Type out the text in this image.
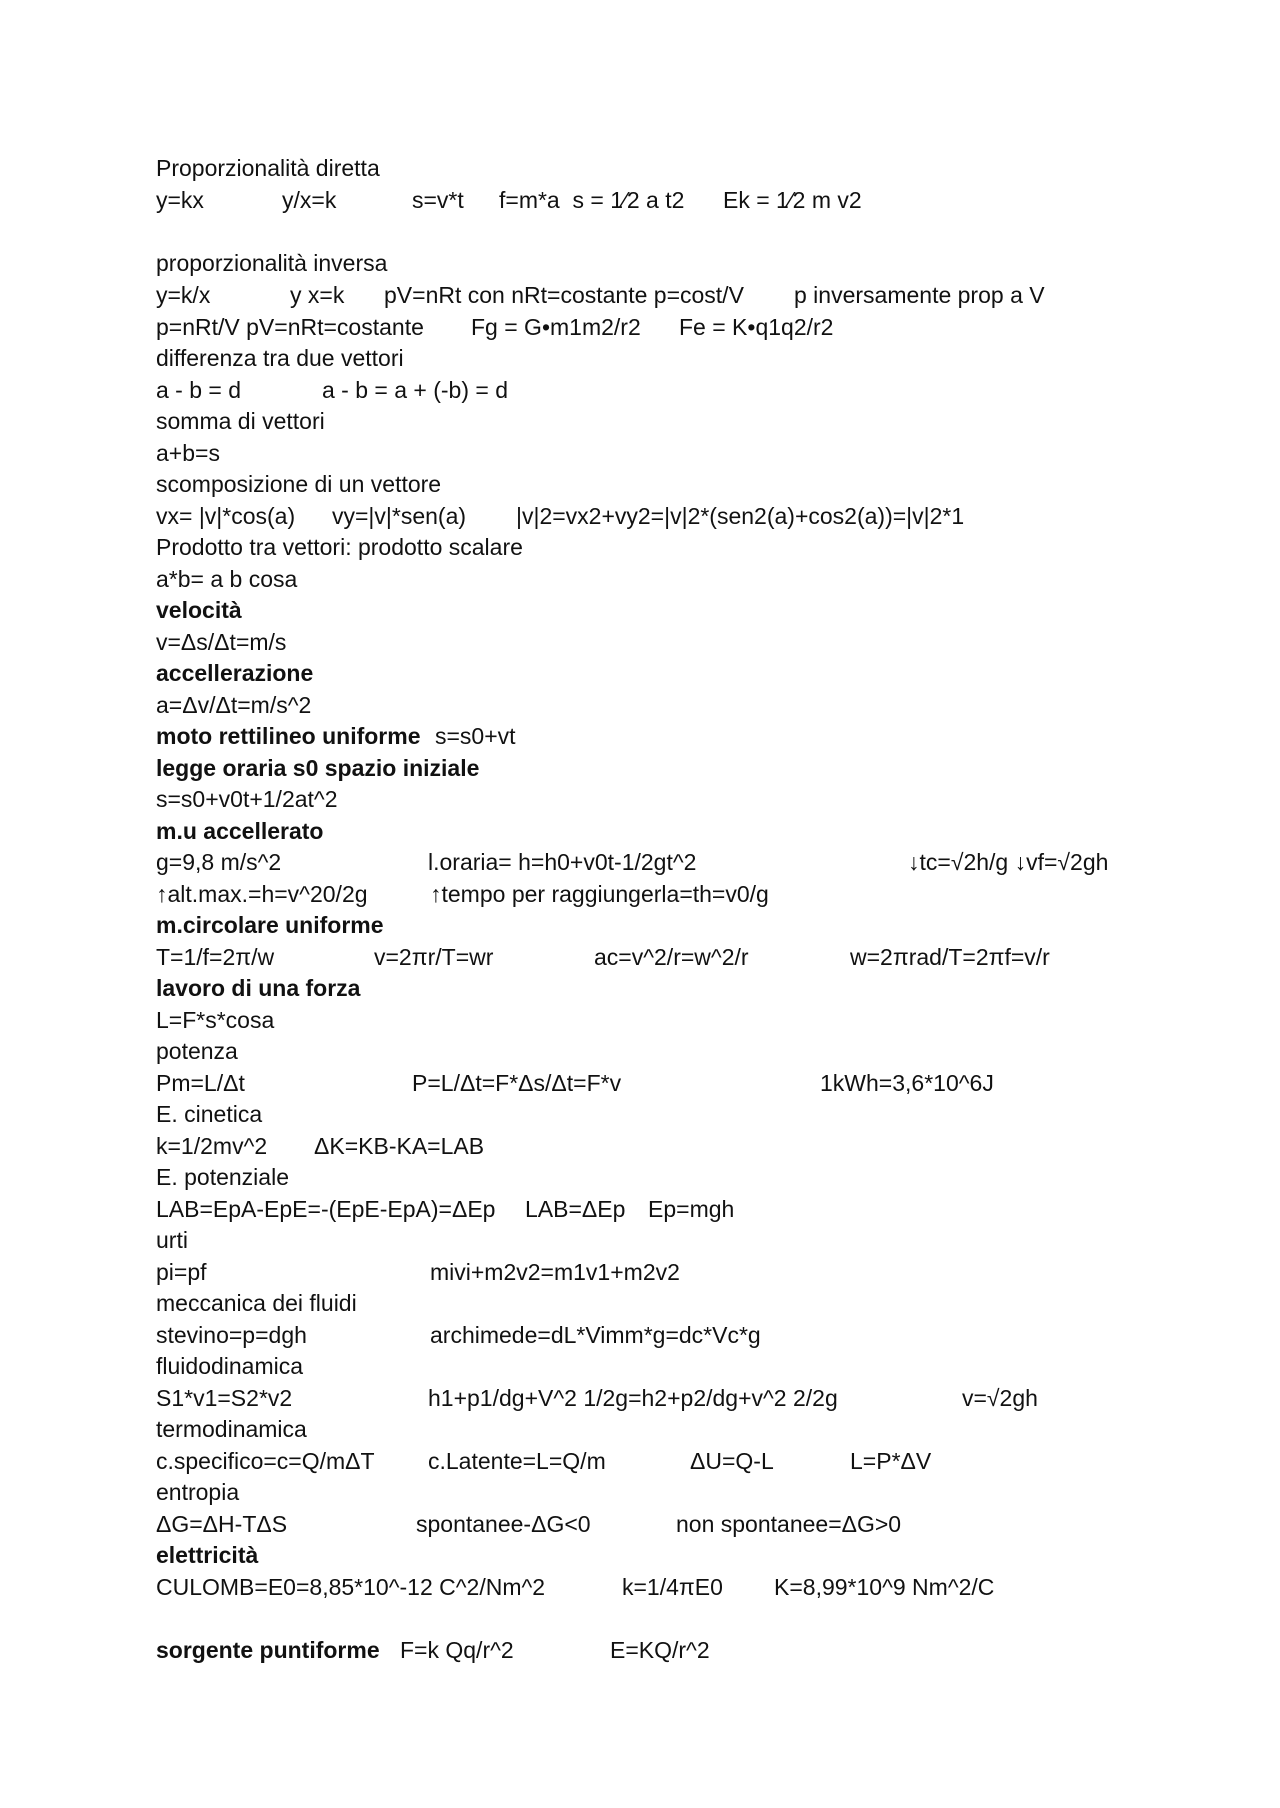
Proporzionalità diretta

y=kx

	y/x=k

	s=v*t

f=m*a  s = 1⁄2 a t2

Ek = 1⁄2 m v2

proporzionalità inversa

y=k/x

	y x=k

pV=nRt con nRt=costante p=cost/V

p inversamente prop a V

p=nRt/V pV=nRt=costante

Fg = G•m1m2/r2

Fe = K•q1q2/r2

differenza tra due vettori

a - b = d

	a - b = a + (-b) = d

somma di vettori

a+b=s

scomposizione di un vettore

vx= |v|*cos(a)

vy=|v|*sen(a)

|v|2=vx2+vy2=|v|2*(sen2(a)+cos2(a))=|v|2*1

Prodotto tra vettori: prodotto scalare

a*b= a b cosa

velocità

v=Δs/Δt=m/s

accellerazione

a=Δv/Δt=m/s^2

moto rettilineo uniforme

s=s0+vt

legge oraria s0 spazio iniziale

s=s0+v0t+1/2at^2

m.u accellerato

g=9,8 m/s^2

	l.oraria= h=h0+v0t-1/2gt^2

	↓tc=√2h/g ↓vf=√2gh

↑alt.max.=h=v^20/2g

	↑tempo per raggiungerla=th=v0/g

m.circolare uniforme

T=1/f=2π/w

	v=2πr/T=wr

	ac=v^2/r=w^2/r

	w=2πrad/T=2πf=v/r

lavoro di una forza

L=F*s*cosa

potenza

Pm=L/Δt

	P=L/Δt=F*Δs/Δt=F*v

	1kWh=3,6*10^6J

E. cinetica

k=1/2mv^2

ΔK=KB-KA=LAB

E. potenziale

LAB=EpA-EpE=-(EpE-EpA)=ΔEp

LAB=ΔEp

Ep=mgh

urti

pi=pf

	mivi+m2v2=m1v1+m2v2

meccanica dei fluidi

stevino=p=dgh

	archimede=dL*Vimm*g=dc*Vc*g

fluidodinamica

S1*v1=S2*v2

	h1+p1/dg+V^2 1/2g=h2+p2/dg+v^2 2/2g

	v=√2gh

termodinamica

c.specifico=c=Q/mΔT

c.Latente=L=Q/m

	ΔU=Q-L

	L=P*ΔV

entropia

ΔG=ΔH-TΔS

	spontanee-ΔG<0

	non spontanee=ΔG>0

elettricità

CULOMB=E0=8,85*10^-12 C^2/Nm^2

	k=1/4πE0

K=8,99*10^9 Nm^2/C

sorgente puntiforme

F=k Qq/r^2

	E=KQ/r^2
